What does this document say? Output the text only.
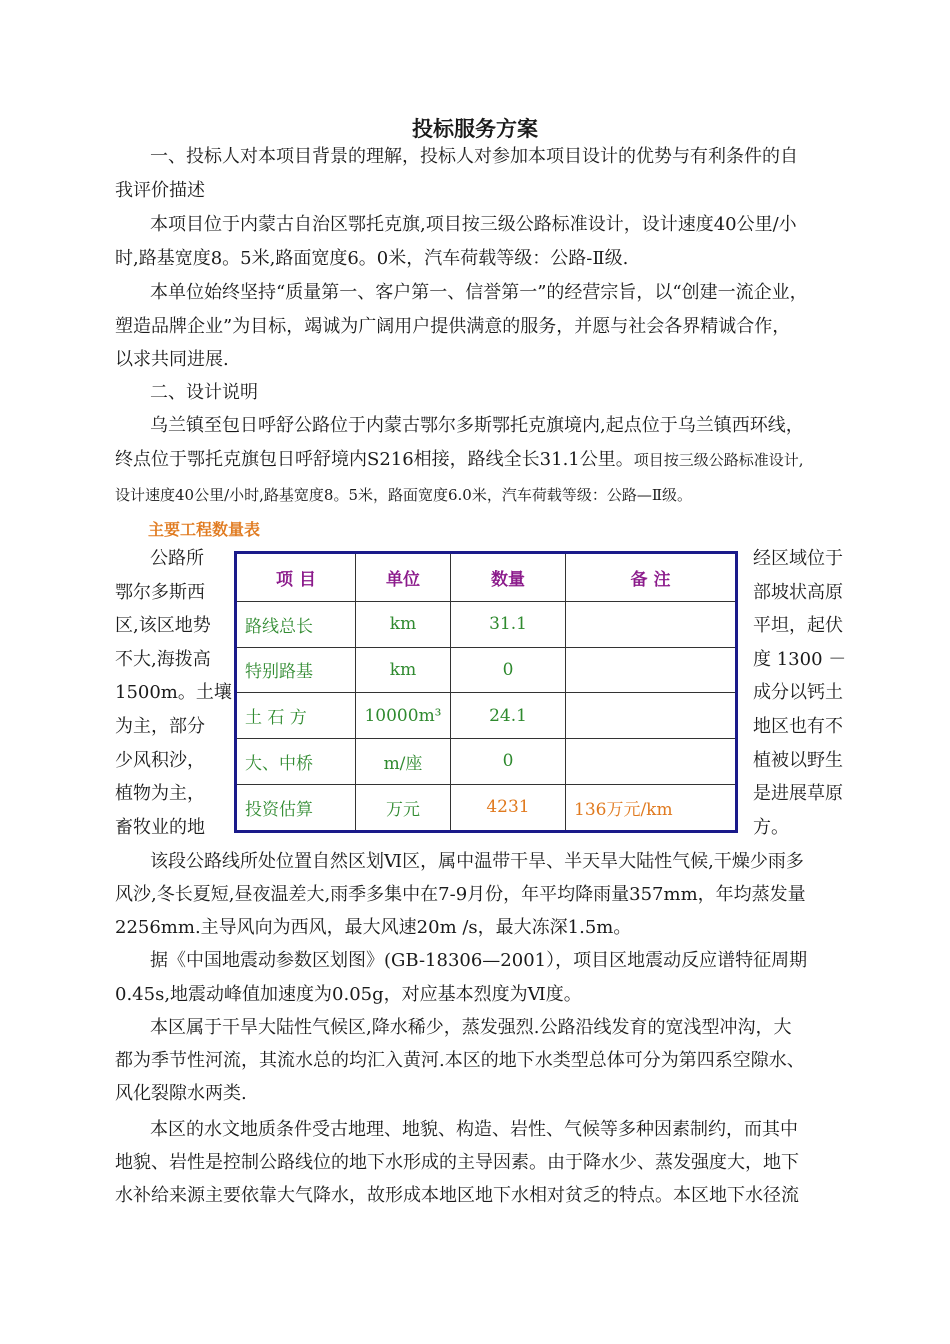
投标服务方案
一、投标人对本项目背景的理解，投标人对参加本项目设计的优势与有利条件的自
我评价描述
本项目位于内蒙古自治区鄂托克旗,项目按三级公路标准设计，设计速度40公里/小
时,路基宽度8。5米,路面宽度6。0米，汽车荷载等级：公路-Ⅱ级.
本单位始终坚持“质量第一、客户第一、信誉第一”的经营宗旨，以“创建一流企业，
塑造品牌企业”为目标，竭诚为广阔用户提供满意的服务，并愿与社会各界精诚合作，
以求共同进展.
二、设计说明
乌兰镇至包日呼舒公路位于内蒙古鄂尔多斯鄂托克旗境内,起点位于乌兰镇西环线，
终点位于鄂托克旗包日呼舒境内S216相接，路线全长31.1公里。项目按三级公路标准设计,
设计速度40公里/小时,路基宽度8。5米，路面宽度6.0米，汽车荷载等级：公路—Ⅱ级。
主要工程数量表
公路所
鄂尔多斯西
区,该区地势
不大,海拨高
1500m。土壤
为主，部分
少风积沙，
植物为主，
畜牧业的地
项 目	单位	数量	备 注
路线总长	km	31.1	
特别路基	km	0	
土 石 方	10000m³	24.1	
大、中桥	m/座	0	
投资估算	万元	4231	136万元/km
经区域位于
部坡状高原
平坦，起伏
度 1300 －
成分以钙土
地区也有不
植被以野生
是进展草原
方。
该段公路线所处位置自然区划Ⅵ区，属中温带干旱、半天旱大陆性气候,干燥少雨多
风沙,冬长夏短,昼夜温差大,雨季多集中在7-9月份，年平均降雨量357mm，年均蒸发量
2256mm.主导风向为西风，最大风速20m /s，最大冻深1.5m。
据《中国地震动参数区划图》(GB-18306—2001），项目区地震动反应谱特征周期
0.45s,地震动峰值加速度为0.05g，对应基本烈度为Ⅵ度。
本区属于干旱大陆性气候区,降水稀少，蒸发强烈.公路沿线发育的宽浅型冲沟，大
都为季节性河流，其流水总的均汇入黄河.本区的地下水类型总体可分为第四系空隙水、
风化裂隙水两类.
本区的水文地质条件受古地理、地貌、构造、岩性、气候等多种因素制约，而其中
地貌、岩性是控制公路线位的地下水形成的主导因素。由于降水少、蒸发强度大，地下
水补给来源主要依靠大气降水，故形成本地区地下水相对贫乏的特点。本区地下水径流
